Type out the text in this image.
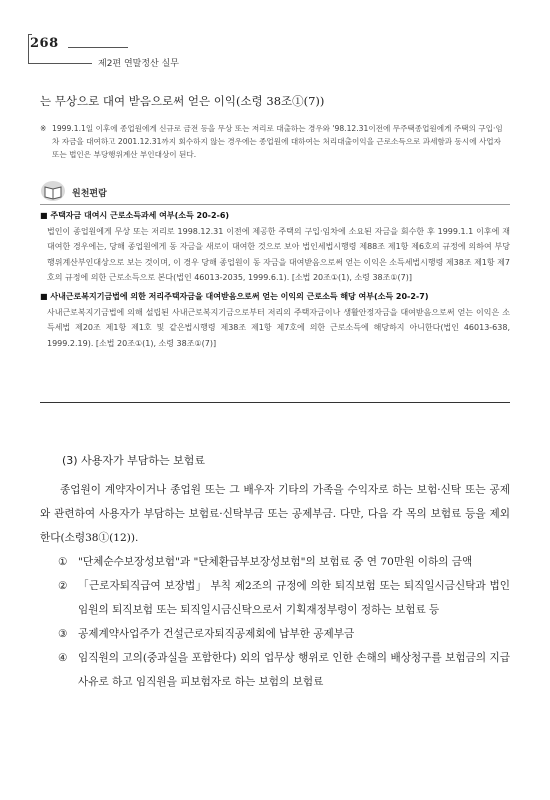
268
제2편 연말정산 실무
는 무상으로 대여 받음으로써 얻은 이익(소령 38조①(7))
※ 1999.1.1일 이후에 종업원에게 신규로 금전 등을 무상 또는 저리로 대출하는 경우와 '98.12.31이전에 무주택종업원에게 주택의 구입·임차 자금을 대여하고 2001.12.31까지 회수하지 않는 경우에는 종업원에 대하여는 처리대출이익을 근로소득으로 과세함과 동시에 사업자 또는 법인은 부당행위계산 부인대상이 된다.
원천편람
■ 주택자금 대여시 근로소득과세 여부(소득 20-2-6)
법인이 종업원에게 무상 또는 저리로 1998.12.31 이전에 제공한 주택의 구입·임차에 소요된 자금을 회수한 후 1999.1.1 이후에 재대여한 경우에는, 당해 종업원에게 동 자금을 새로이 대여한 것으로 보아 법인세법시행령 제88조 제1항 제6호의 규정에 의하여 부당행위계산부인대상으로 보는 것이며, 이 경우 당해 종업원이 동 자금을 대여받음으로써 얻는 이익은 소득세법시행령 제38조 제1항 제7호의 규정에 의한 근로소득으로 본다(법인 46013-2035, 1999.6.1). [소법 20조①(1), 소령 38조①(7)]
■ 사내근로복지기금법에 의한 저리주택자금을 대여받음으로써 얻는 이익의 근로소득 해당 여부(소득 20-2-7)
사내근로복지기금법에 의해 설립된 사내근로복지기금으로부터 저리의 주택자금이나 생활안정자금을 대여받음으로써 얻는 이익은 소득세법 제20조 제1항 제1호 및 같은법시행령 제38조 제1항 제7호에 의한 근로소득에 해당하지 아니한다(법인 46013-638, 1999.2.19). [소법 20조①(1), 소령 38조①(7)]
(3) 사용자가 부담하는 보험료

종업원이 계약자이거나 종업원 또는 그 배우자 기타의 가족을 수익자로 하는 보험·신탁 또는 공제와 관련하여 사용자가 부담하는 보험료·신탁부금 또는 공제부금. 다만, 다음 각 목의 보험료 등을 제외한다(소령38①(12)).

① "단체순수보장성보험"과 "단체환급부보장성보험"의 보험료 중 연 70만원 이하의 금액
② 「근로자퇴직급여 보장법」 부칙 제2조의 규정에 의한 퇴직보험 또는 퇴직일시금신탁과 법인임원의 퇴직보험 또는 퇴직일시금신탁으로서 기획재정부령이 정하는 보험료 등
③ 공제계약사업주가 건설근로자퇴직공제회에 납부한 공제부금
④ 임직원의 고의(중과실을 포함한다) 외의 업무상 행위로 인한 손해의 배상청구를 보험금의 지급사유로 하고 임직원을 피보험자로 하는 보험의 보험료
